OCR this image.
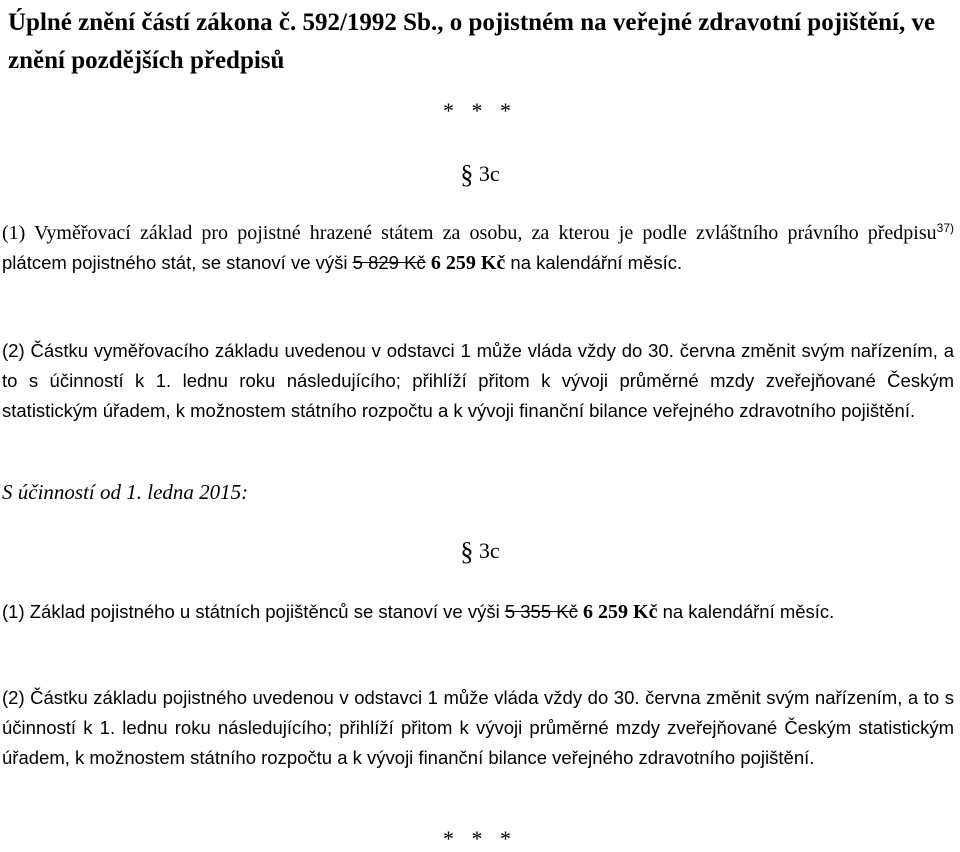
Úplné znění částí zákona č. 592/1992 Sb., o pojistném na veřejné zdravotní pojištění, ve znění pozdějších předpisů
* * *
§ 3c

(1) Vyměřovací základ pro pojistné hrazené státem za osobu, za kterou je podle zvláštního právního předpisu$^{37)}$ plátcem pojistného stát, se stanoví ve výši 5 829 Kč 6 259 Kč na kalendářní měsíc.

(2) Částku vyměřovacího základu uvedenou v odstavci 1 může vláda vždy do 30. června změnit svým nařízením, a to s účinností k 1. lednu roku následujícího; přihlíží přitom k vývoji průměrné mzdy zveřejňované Českým statistickým úřadem, k možnostem státního rozpočtu a k vývoji finanční bilance veřejného zdravotního pojištění.

S účinností od 1. ledna 2015:
§ 3c

(1) Základ pojistného u státních pojištěnců se stanoví ve výši 5 355 Kč 6 259 Kč na kalendářní měsíc.

(2) Částku základu pojistného uvedenou v odstavci 1 může vláda vždy do 30. června změnit svým nařízením, a to s účinností k 1. lednu roku následujícího; přihlíží přitom k vývoji průměrné mzdy zveřejňované Českým statistickým úřadem, k možnostem státního rozpočtu a k vývoji finanční bilance veřejného zdravotního pojištění.

* * *
